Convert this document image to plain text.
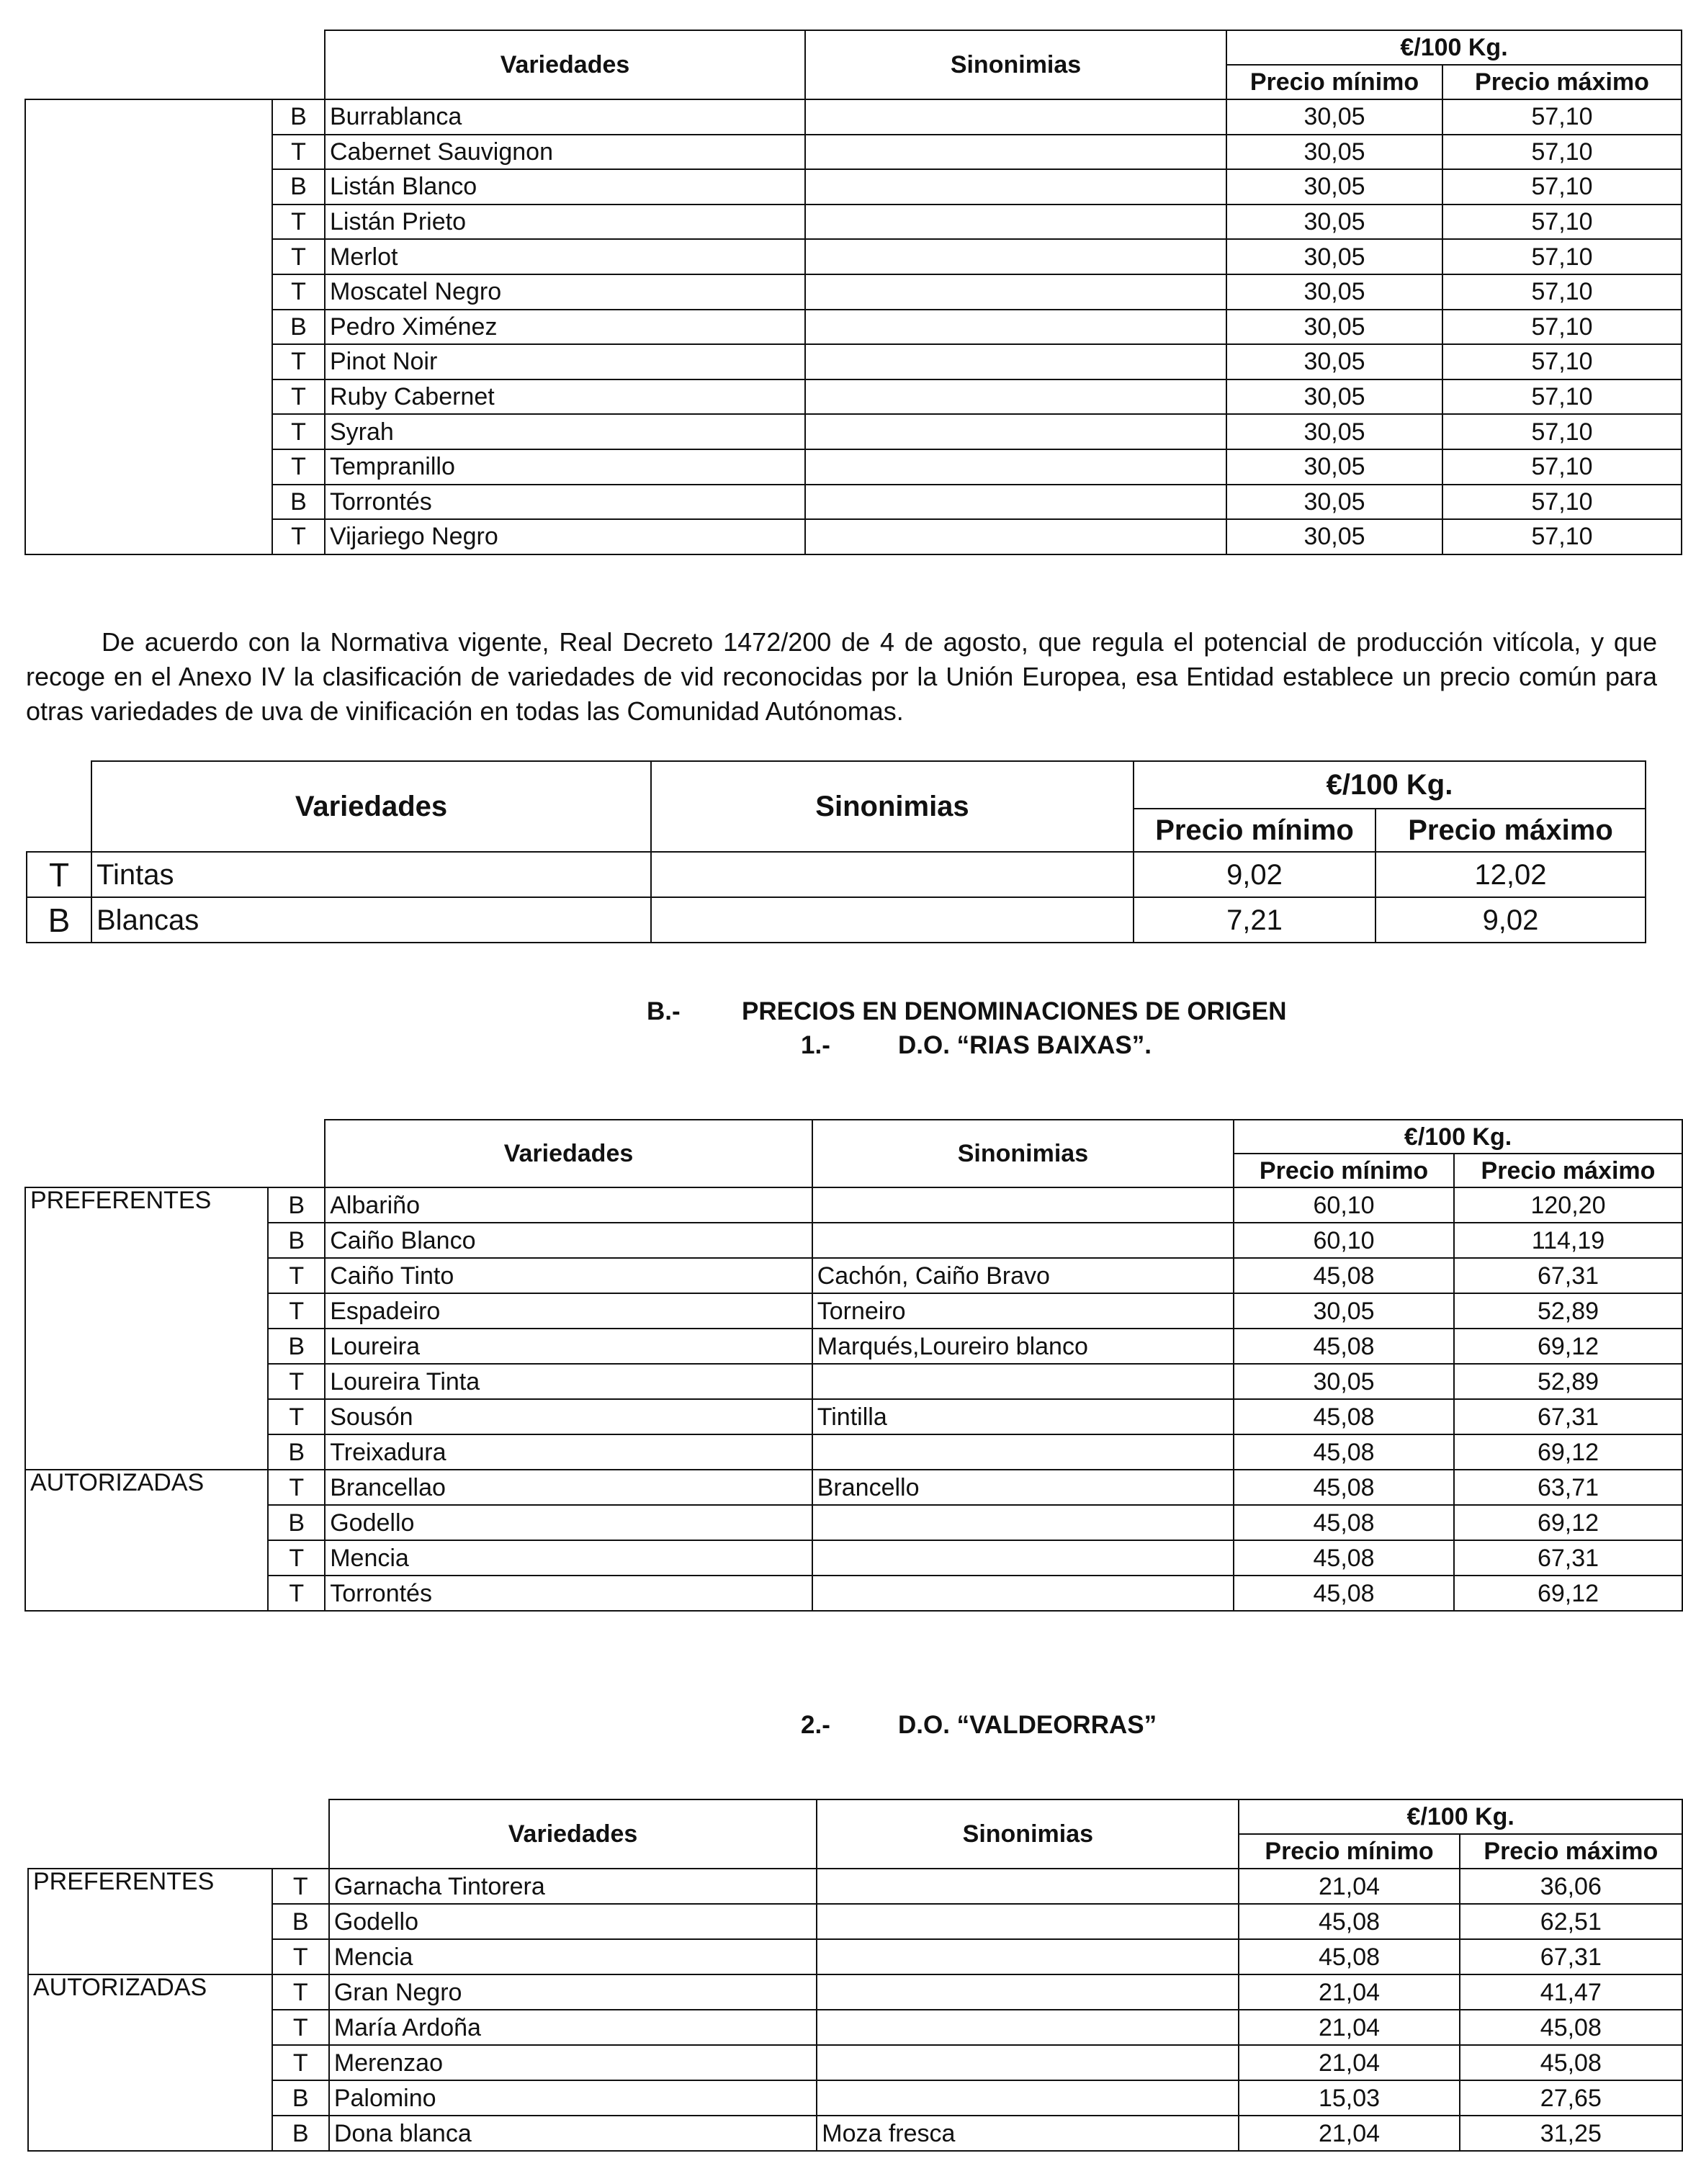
		Variedades	Sinonimias	€/100 Kg.	
				Precio mínimo	Precio máximo
	B	Burrablanca		30,05	57,10
	T	Cabernet Sauvignon		30,05	57,10
	B	Listán Blanco		30,05	57,10
	T	Listán Prieto		30,05	57,10
	T	Merlot		30,05	57,10
	T	Moscatel Negro		30,05	57,10
	B	Pedro Ximénez		30,05	57,10
	T	Pinot Noir		30,05	57,10
	T	Ruby Cabernet		30,05	57,10
	T	Syrah		30,05	57,10
	T	Tempranillo		30,05	57,10
	B	Torrontés		30,05	57,10
	T	Vijariego Negro		30,05	57,10
De acuerdo con la Normativa vigente, Real Decreto 1472/200 de 4 de agosto, que regula el potencial de producción vitícola, y que recoge en el Anexo IV la clasificación de variedades de vid reconocidas por la Unión Europea, esa Entidad establece un precio común para otras variedades de uva de vinificación en todas las Comunidad Autónomas.
	Variedades	Sinonimias	€/100 Kg.	
			Precio mínimo	Precio máximo
T	Tintas		9,02	12,02
B	Blancas		7,21	9,02
B.- PRECIOS EN DENOMINACIONES DE ORIGEN
1.-	D.O. “RIAS BAIXAS”.
		Variedades	Sinonimias	€/100 Kg.	
				Precio mínimo	Precio máximo
PREFERENTES	B	Albariño		60,10	120,20
	B	Caiño Blanco		60,10	114,19
	T	Caiño Tinto	Cachón, Caiño Bravo	45,08	67,31
	T	Espadeiro	Torneiro	30,05	52,89
	B	Loureira	Marqués,Loureiro blanco	45,08	69,12
	T	Loureira Tinta		30,05	52,89
	T	Sousón	Tintilla	45,08	67,31
	B	Treixadura		45,08	69,12
AUTORIZADAS	T	Brancellao	Brancello	45,08	63,71
	B	Godello		45,08	69,12
	T	Mencia		45,08	67,31
	T	Torrontés		45,08	69,12
2.-	D.O. “VALDEORRAS”
		Variedades	Sinonimias	€/100 Kg.	
				Precio mínimo	Precio máximo
PREFERENTES	T	Garnacha Tintorera		21,04	36,06
	B	Godello		45,08	62,51
	T	Mencia		45,08	67,31
AUTORIZADAS	T	Gran Negro		21,04	41,47
	T	María Ardoña		21,04	45,08
	T	Merenzao		21,04	45,08
	B	Palomino		15,03	27,65
	B	Dona blanca	Moza fresca	21,04	31,25
